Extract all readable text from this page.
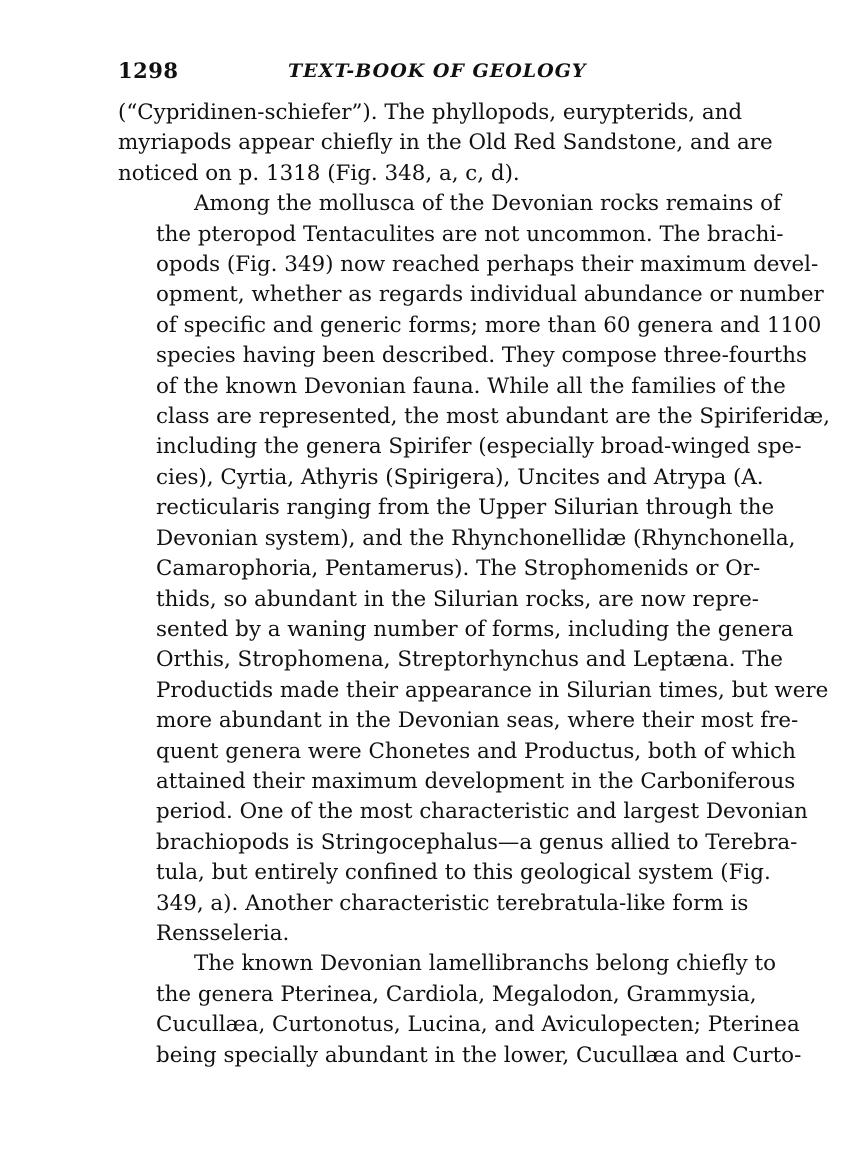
1298	TEXT-BOOK OF GEOLOGY
(“Cypridinen-schiefer”). The phyllopods, eurypterids, and
myriapods appear chiefly in the Old Red Sandstone, and are
noticed on p. 1318 (Fig. 348, a, c, d).
Among the mollusca of the Devonian rocks remains of
the pteropod Tentaculites are not uncommon. The brachi-
opods (Fig. 349) now reached perhaps their maximum devel-
opment, whether as regards individual abundance or number
of specific and generic forms; more than 60 genera and 1100
species having been described. They compose three-fourths
of the known Devonian fauna. While all the families of the
class are represented, the most abundant are the Spiriferidæ,
including the genera Spirifer (especially broad-winged spe-
cies), Cyrtia, Athyris (Spirigera), Uncites and Atrypa (A.
recticularis ranging from the Upper Silurian through the
Devonian system), and the Rhynchonellidæ (Rhynchonella,
Camarophoria, Pentamerus). The Strophomenids or Or-
thids, so abundant in the Silurian rocks, are now repre-
sented by a waning number of forms, including the genera
Orthis, Strophomena, Streptorhynchus and Leptæna. The
Productids made their appearance in Silurian times, but were
more abundant in the Devonian seas, where their most fre-
quent genera were Chonetes and Productus, both of which
attained their maximum development in the Carboniferous
period. One of the most characteristic and largest Devonian
brachiopods is Stringocephalus—a genus allied to Terebra-
tula, but entirely confined to this geological system (Fig.
349, a). Another characteristic terebratula-like form is
Rensseleria.
The known Devonian lamellibranchs belong chiefly to
the genera Pterinea, Cardiola, Megalodon, Grammysia,
Cucullæa, Curtonotus, Lucina, and Aviculopecten; Pterinea
being specially abundant in the lower, Cucullæa and Curto-
